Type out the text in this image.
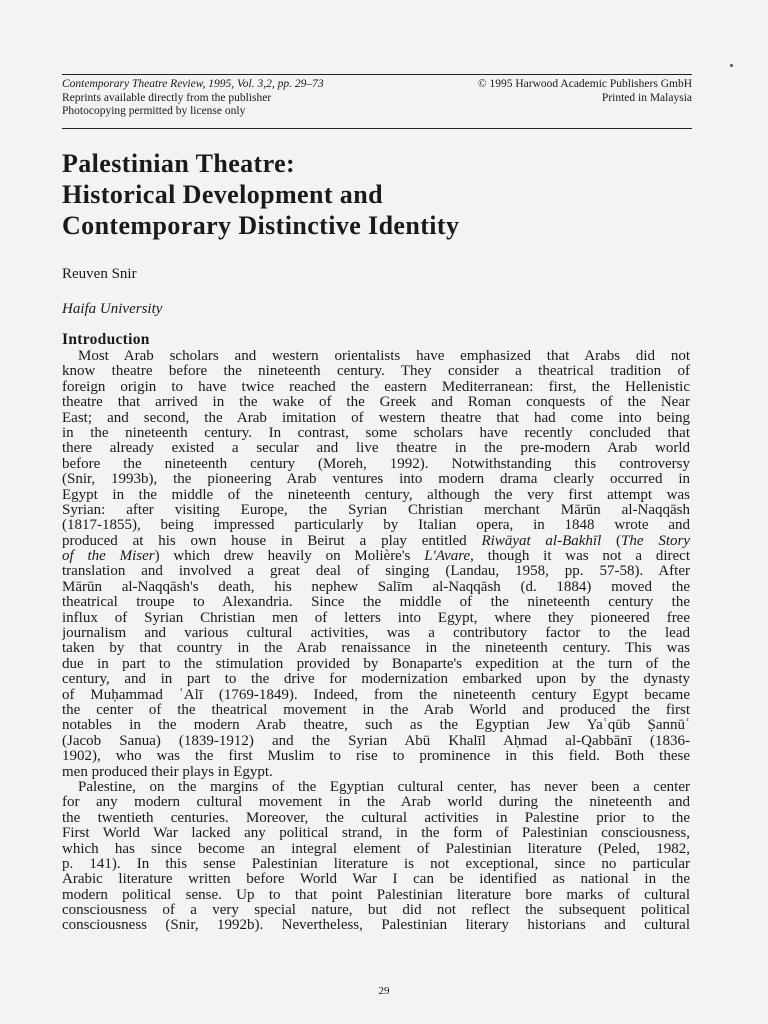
Contemporary Theatre Review, 1995, Vol. 3,2, pp. 29–73
Reprints available directly from the publisher
Photocopying permitted by license only
© 1995 Harwood Academic Publishers GmbH
Printed in Malaysia
Palestinian Theatre:
Historical Development and
Contemporary Distinctive Identity
Reuven Snir
Haifa University
Introduction
Most Arab scholars and western orientalists have emphasized that Arabs did not
know theatre before the nineteenth century. They consider a theatrical tradition of
foreign origin to have twice reached the eastern Mediterranean: first, the Hellenistic
theatre that arrived in the wake of the Greek and Roman conquests of the Near
East; and second, the Arab imitation of western theatre that had come into being
in the nineteenth century. In contrast, some scholars have recently concluded that
there already existed a secular and live theatre in the pre-modern Arab world
before the nineteenth century (Moreh, 1992). Notwithstanding this controversy
(Snir, 1993b), the pioneering Arab ventures into modern drama clearly occurred in
Egypt in the middle of the nineteenth century, although the very first attempt was
Syrian: after visiting Europe, the Syrian Christian merchant Mārūn al-Naqqāsh
(1817-1855), being impressed particularly by Italian opera, in 1848 wrote and
produced at his own house in Beirut a play entitled Riwāyat al-Bakhīl (The Story
of the Miser) which drew heavily on Molière's L'Avare, though it was not a direct
translation and involved a great deal of singing (Landau, 1958, pp. 57-58). After
Mārūn al-Naqqāsh's death, his nephew Salīm al-Naqqāsh (d. 1884) moved the
theatrical troupe to Alexandria. Since the middle of the nineteenth century the
influx of Syrian Christian men of letters into Egypt, where they pioneered free
journalism and various cultural activities, was a contributory factor to the lead
taken by that country in the Arab renaissance in the nineteenth century. This was
due in part to the stimulation provided by Bonaparte's expedition at the turn of the
century, and in part to the drive for modernization embarked upon by the dynasty
of Muḥammad ʿAlī (1769-1849). Indeed, from the nineteenth century Egypt became
the center of the theatrical movement in the Arab World and produced the first
notables in the modern Arab theatre, such as the Egyptian Jew Yaʿqūb Ṣannūʿ
(Jacob Sanua) (1839-1912) and the Syrian Abū Khalīl Aḥmad al-Qabbānī (1836-
1902), who was the first Muslim to rise to prominence in this field. Both these
men produced their plays in Egypt.
Palestine, on the margins of the Egyptian cultural center, has never been a center
for any modern cultural movement in the Arab world during the nineteenth and
the twentieth centuries. Moreover, the cultural activities in Palestine prior to the
First World War lacked any political strand, in the form of Palestinian consciousness,
which has since become an integral element of Palestinian literature (Peled, 1982,
p. 141). In this sense Palestinian literature is not exceptional, since no particular
Arabic literature written before World War I can be identified as national in the
modern political sense. Up to that point Palestinian literature bore marks of cultural
consciousness of a very special nature, but did not reflect the subsequent political
consciousness (Snir, 1992b). Nevertheless, Palestinian literary historians and cultural
29
